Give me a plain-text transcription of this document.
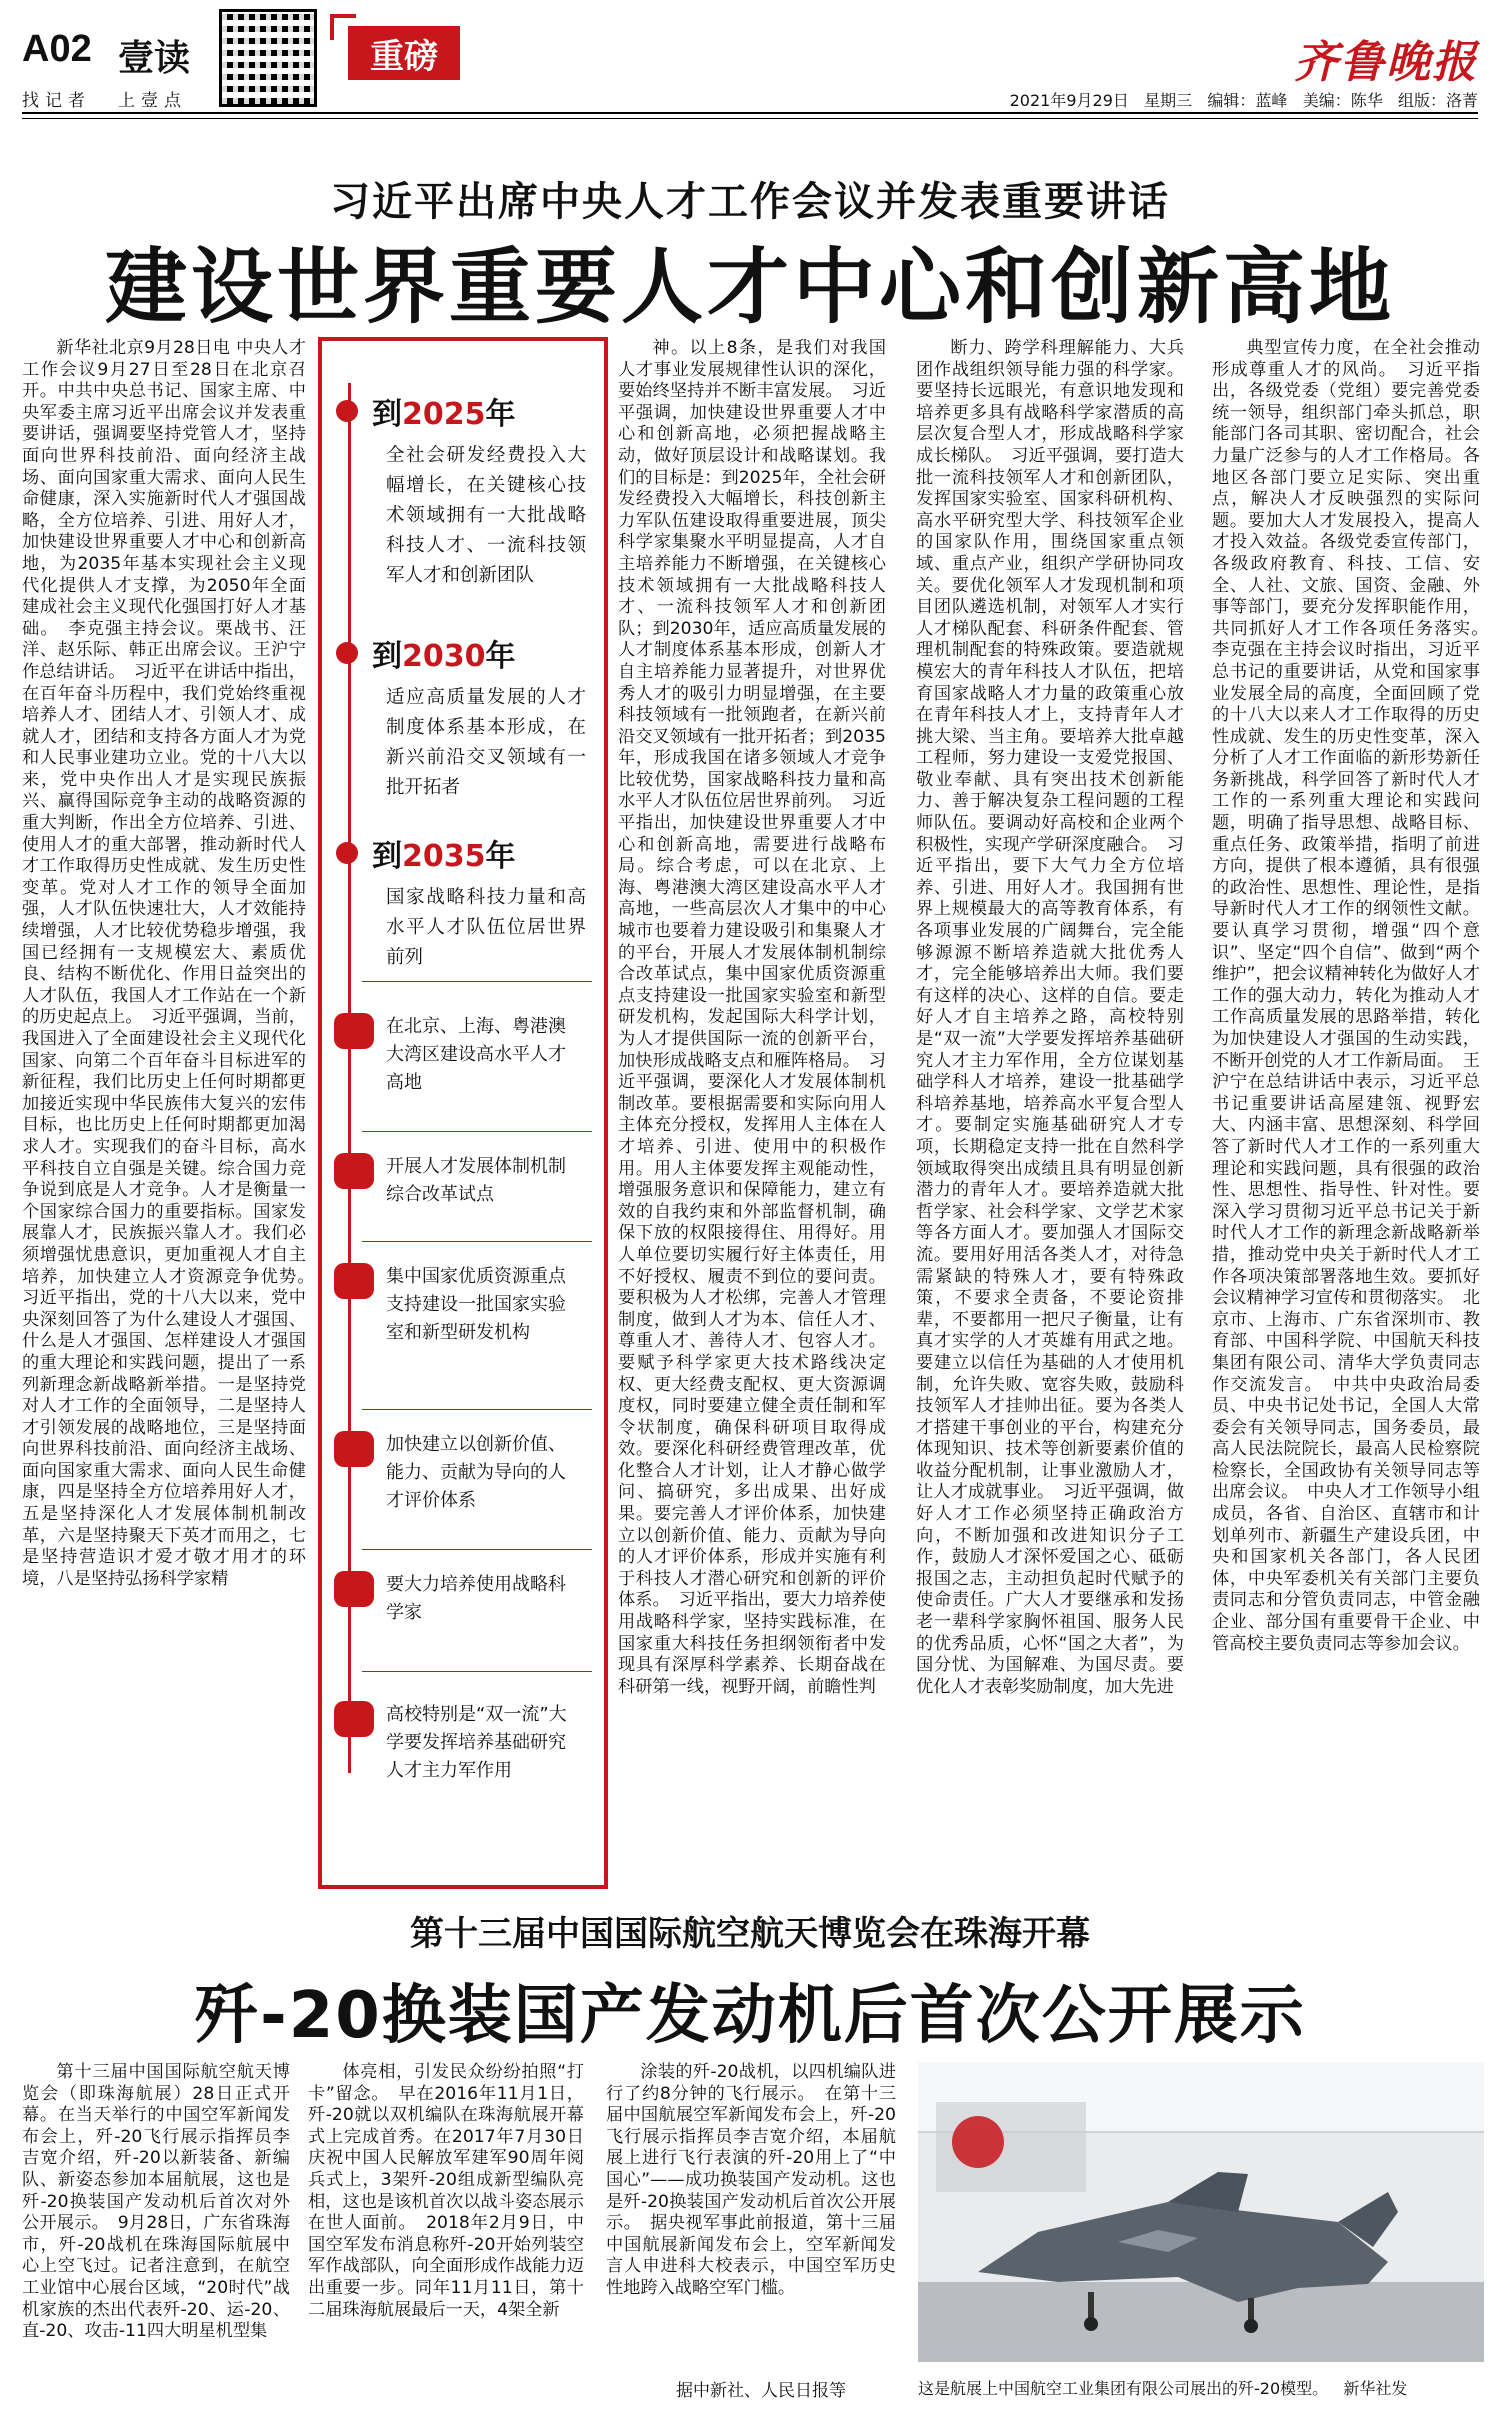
A02 壹读
找记者 上壹点
重磅	齐鲁晚报
2021年9月29日 星期三 编辑：蓝峰 美编：陈华 组版：洛菁
习近平出席中央人才工作会议并发表重要讲话
建设世界重要人才中心和创新高地
新华社北京9月28日电 中央人才工作会议9月27日至28日在北京召开。中共中央总书记、国家主席、中央军委主席习近平出席会议并发表重要讲话，强调要坚持党管人才，坚持面向世界科技前沿、面向经济主战场、面向国家重大需求、面向人民生命健康，深入实施新时代人才强国战略，全方位培养、引进、用好人才，加快建设世界重要人才中心和创新高地，为2035年基本实现社会主义现代化提供人才支撑，为2050年全面建成社会主义现代化强国打好人才基础。　李克强主持会议。栗战书、汪洋、赵乐际、韩正出席会议。王沪宁作总结讲话。　习近平在讲话中指出，在百年奋斗历程中，我们党始终重视培养人才、团结人才、引领人才、成就人才，团结和支持各方面人才为党和人民事业建功立业。党的十八大以来，党中央作出人才是实现民族振兴、赢得国际竞争主动的战略资源的重大判断，作出全方位培养、引进、使用人才的重大部署，推动新时代人才工作取得历史性成就、发生历史性变革。党对人才工作的领导全面加强，人才队伍快速壮大，人才效能持续增强，人才比较优势稳步增强，我国已经拥有一支规模宏大、素质优良、结构不断优化、作用日益突出的人才队伍，我国人才工作站在一个新的历史起点上。　习近平强调，当前，我国进入了全面建设社会主义现代化国家、向第二个百年奋斗目标进军的新征程，我们比历史上任何时期都更加接近实现中华民族伟大复兴的宏伟目标，也比历史上任何时期都更加渴求人才。实现我们的奋斗目标，高水平科技自立自强是关键。综合国力竞争说到底是人才竞争。人才是衡量一个国家综合国力的重要指标。国家发展靠人才，民族振兴靠人才。我们必须增强忧患意识，更加重视人才自主培养，加快建立人才资源竞争优势。　习近平指出，党的十八大以来，党中央深刻回答了为什么建设人才强国、什么是人才强国、怎样建设人才强国的重大理论和实践问题，提出了一系列新理念新战略新举措。一是坚持党对人才工作的全面领导，二是坚持人才引领发展的战略地位，三是坚持面向世界科技前沿、面向经济主战场、面向国家重大需求、面向人民生命健康，四是坚持全方位培养用好人才，五是坚持深化人才发展体制机制改革，六是坚持聚天下英才而用之，七是坚持营造识才爱才敬才用才的环境，八是坚持弘扬科学家精
到2025年
全社会研发经费投入大幅增长，在关键核心技术领域拥有一大批战略科技人才、一流科技领军人才和创新团队
到2030年
适应高质量发展的人才制度体系基本形成，在新兴前沿交叉领域有一批开拓者
到2035年
国家战略科技力量和高水平人才队伍位居世界前列
在北京、上海、粤港澳大湾区建设高水平人才高地
开展人才发展体制机制综合改革试点
集中国家优质资源重点支持建设一批国家实验室和新型研发机构
加快建立以创新价值、能力、贡献为导向的人才评价体系
要大力培养使用战略科学家
高校特别是“双一流”大学要发挥培养基础研究人才主力军作用
神。以上8条，是我们对我国人才事业发展规律性认识的深化，要始终坚持并不断丰富发展。　习近平强调，加快建设世界重要人才中心和创新高地，必须把握战略主动，做好顶层设计和战略谋划。我们的目标是：到2025年，全社会研发经费投入大幅增长，科技创新主力军队伍建设取得重要进展，顶尖科学家集聚水平明显提高，人才自主培养能力不断增强，在关键核心技术领域拥有一大批战略科技人才、一流科技领军人才和创新团队；到2030年，适应高质量发展的人才制度体系基本形成，创新人才自主培养能力显著提升，对世界优秀人才的吸引力明显增强，在主要科技领域有一批领跑者，在新兴前沿交叉领域有一批开拓者；到2035年，形成我国在诸多领域人才竞争比较优势，国家战略科技力量和高水平人才队伍位居世界前列。　习近平指出，加快建设世界重要人才中心和创新高地，需要进行战略布局。综合考虑，可以在北京、上海、粤港澳大湾区建设高水平人才高地，一些高层次人才集中的中心城市也要着力建设吸引和集聚人才的平台，开展人才发展体制机制综合改革试点，集中国家优质资源重点支持建设一批国家实验室和新型研发机构，发起国际大科学计划，为人才提供国际一流的创新平台，加快形成战略支点和雁阵格局。　习近平强调，要深化人才发展体制机制改革。要根据需要和实际向用人主体充分授权，发挥用人主体在人才培养、引进、使用中的积极作用。用人主体要发挥主观能动性，增强服务意识和保障能力，建立有效的自我约束和外部监督机制，确保下放的权限接得住、用得好。用人单位要切实履行好主体责任，用不好授权、履责不到位的要问责。要积极为人才松绑，完善人才管理制度，做到人才为本、信任人才、尊重人才、善待人才、包容人才。要赋予科学家更大技术路线决定权、更大经费支配权、更大资源调度权，同时要建立健全责任制和军令状制度，确保科研项目取得成效。要深化科研经费管理改革，优化整合人才计划，让人才静心做学问、搞研究，多出成果、出好成果。要完善人才评价体系，加快建立以创新价值、能力、贡献为导向的人才评价体系，形成并实施有利于科技人才潜心研究和创新的评价体系。　习近平指出，要大力培养使用战略科学家，坚持实践标准，在国家重大科技任务担纲领衔者中发现具有深厚科学素养、长期奋战在科研第一线，视野开阔，前瞻性判
断力、跨学科理解能力、大兵团作战组织领导能力强的科学家。要坚持长远眼光，有意识地发现和培养更多具有战略科学家潜质的高层次复合型人才，形成战略科学家成长梯队。　习近平强调，要打造大批一流科技领军人才和创新团队，发挥国家实验室、国家科研机构、高水平研究型大学、科技领军企业的国家队作用，围绕国家重点领域、重点产业，组织产学研协同攻关。要优化领军人才发现机制和项目团队遴选机制，对领军人才实行人才梯队配套、科研条件配套、管理机制配套的特殊政策。要造就规模宏大的青年科技人才队伍，把培育国家战略人才力量的政策重心放在青年科技人才上，支持青年人才挑大梁、当主角。要培养大批卓越工程师，努力建设一支爱党报国、敬业奉献、具有突出技术创新能力、善于解决复杂工程问题的工程师队伍。要调动好高校和企业两个积极性，实现产学研深度融合。　习近平指出，要下大气力全方位培养、引进、用好人才。我国拥有世界上规模最大的高等教育体系，有各项事业发展的广阔舞台，完全能够源源不断培养造就大批优秀人才，完全能够培养出大师。我们要有这样的决心、这样的自信。要走好人才自主培养之路，高校特别是“双一流”大学要发挥培养基础研究人才主力军作用，全方位谋划基础学科人才培养，建设一批基础学科培养基地，培养高水平复合型人才。要制定实施基础研究人才专项，长期稳定支持一批在自然科学领域取得突出成绩且具有明显创新潜力的青年人才。要培养造就大批哲学家、社会科学家、文学艺术家等各方面人才。要加强人才国际交流。要用好用活各类人才，对待急需紧缺的特殊人才，要有特殊政策，不要求全责备，不要论资排辈，不要都用一把尺子衡量，让有真才实学的人才英雄有用武之地。要建立以信任为基础的人才使用机制，允许失败、宽容失败，鼓励科技领军人才挂帅出征。要为各类人才搭建干事创业的平台，构建充分体现知识、技术等创新要素价值的收益分配机制，让事业激励人才，让人才成就事业。　习近平强调，做好人才工作必须坚持正确政治方向，不断加强和改进知识分子工作，鼓励人才深怀爱国之心、砥砺报国之志，主动担负起时代赋予的使命责任。广大人才要继承和发扬老一辈科学家胸怀祖国、服务人民的优秀品质，心怀“国之大者”，为国分忧、为国解难、为国尽责。要优化人才表彰奖励制度，加大先进
典型宣传力度，在全社会推动形成尊重人才的风尚。　习近平指出，各级党委（党组）要完善党委统一领导，组织部门牵头抓总，职能部门各司其职、密切配合，社会力量广泛参与的人才工作格局。各地区各部门要立足实际、突出重点，解决人才反映强烈的实际问题。要加大人才发展投入，提高人才投入效益。各级党委宣传部门，各级政府教育、科技、工信、安全、人社、文旅、国资、金融、外事等部门，要充分发挥职能作用，共同抓好人才工作各项任务落实。　李克强在主持会议时指出，习近平总书记的重要讲话，从党和国家事业发展全局的高度，全面回顾了党的十八大以来人才工作取得的历史性成就、发生的历史性变革，深入分析了人才工作面临的新形势新任务新挑战，科学回答了新时代人才工作的一系列重大理论和实践问题，明确了指导思想、战略目标、重点任务、政策举措，指明了前进方向，提供了根本遵循，具有很强的政治性、思想性、理论性，是指导新时代人才工作的纲领性文献。要认真学习贯彻，增强“四个意识”、坚定“四个自信”、做到“两个维护”，把会议精神转化为做好人才工作的强大动力，转化为推动人才工作高质量发展的思路举措，转化为加快建设人才强国的生动实践，不断开创党的人才工作新局面。　王沪宁在总结讲话中表示，习近平总书记重要讲话高屋建瓴、视野宏大、内涵丰富、思想深刻、科学回答了新时代人才工作的一系列重大理论和实践问题，具有很强的政治性、思想性、指导性、针对性。要深入学习贯彻习近平总书记关于新时代人才工作的新理念新战略新举措，推动党中央关于新时代人才工作各项决策部署落地生效。要抓好会议精神学习宣传和贯彻落实。　北京市、上海市、广东省深圳市、教育部、中国科学院、中国航天科技集团有限公司、清华大学负责同志作交流发言。　中共中央政治局委员、中央书记处书记，全国人大常委会有关领导同志，国务委员，最高人民法院院长，最高人民检察院检察长，全国政协有关领导同志等出席会议。　中央人才工作领导小组成员，各省、自治区、直辖市和计划单列市、新疆生产建设兵团，中央和国家机关各部门，各人民团体，中央军委机关有关部门主要负责同志和分管负责同志，中管金融企业、部分国有重要骨干企业、中管高校主要负责同志等参加会议。
第十三届中国国际航空航天博览会在珠海开幕
歼-20换装国产发动机后首次公开展示
第十三届中国国际航空航天博览会（即珠海航展）28日正式开幕。在当天举行的中国空军新闻发布会上，歼-20飞行展示指挥员李吉宽介绍，歼-20以新装备、新编队、新姿态参加本届航展，这也是歼-20换装国产发动机后首次对外公开展示。　9月28日，广东省珠海市，歼-20战机在珠海国际航展中心上空飞过。记者注意到，在航空工业馆中心展台区域，“20时代”战机家族的杰出代表歼-20、运-20、直-20、攻击-11四大明星机型集
体亮相，引发民众纷纷拍照“打卡”留念。　早在2016年11月1日，歼-20就以双机编队在珠海航展开幕式上完成首秀。在2017年7月30日庆祝中国人民解放军建军90周年阅兵式上，3架歼-20组成新型编队亮相，这也是该机首次以战斗姿态展示在世人面前。　2018年2月9日，中国空军发布消息称歼-20开始列装空军作战部队，向全面形成作战能力迈出重要一步。同年11月11日，第十二届珠海航展最后一天，4架全新
涂装的歼-20战机，以四机编队进行了约8分钟的飞行展示。　在第十三届中国航展空军新闻发布会上，歼-20飞行展示指挥员李吉宽介绍，本届航展上进行飞行表演的歼-20用上了“中国心”——成功换装国产发动机。这也是歼-20换装国产发动机后首次公开展示。　据央视军事此前报道，第十三届中国航展新闻发布会上，空军新闻发言人申进科大校表示，中国空军历史性地跨入战略空军门槛。
据中新社、人民日报等	这是航展上中国航空工业集团有限公司展出的歼-20模型。 新华社发
